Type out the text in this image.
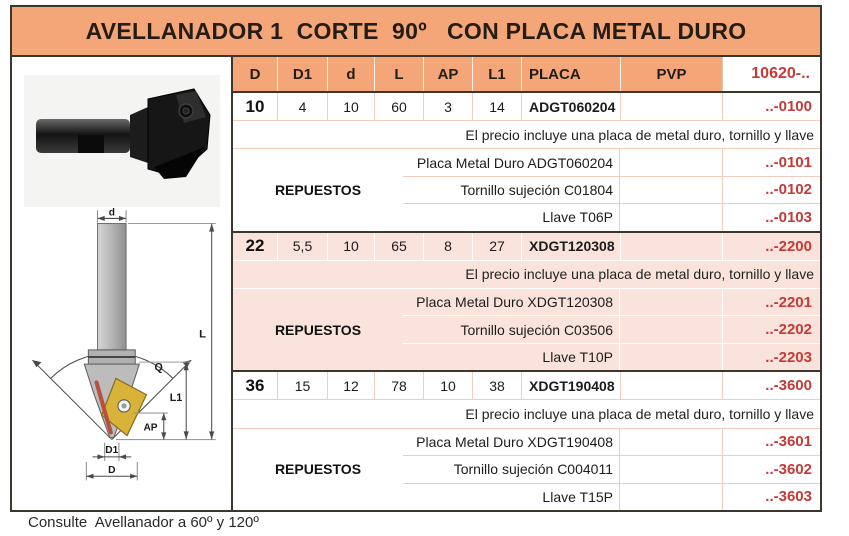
AVELLANADOR 1  CORTE  90º   CON PLACA METAL DURO
d
Q
L
L1
AP
D1
D
D	D1	d	L	AP	L1	PLACA	PVP	10620-..
10	4	10	60	3	14	ADGT060204	..-0100
El precio incluye una placa de metal duro, tornillo y llave
REPUESTOS
Placa Metal Duro ADGT060204	..-0101
Tornillo sujeción C01804	..-0102
Llave T06P	..-0103
22	5,5	10	65	8	27	XDGT120308	..-2200
El precio incluye una placa de metal duro, tornillo y llave
REPUESTOS
Placa Metal Duro XDGT120308	..-2201
Tornillo sujeción C03506	..-2202
Llave T10P	..-2203
36	15	12	78	10	38	XDGT190408	..-3600
El precio incluye una placa de metal duro, tornillo y llave
REPUESTOS
Placa Metal Duro XDGT190408	..-3601
Tornillo sujeción C004011	..-3602
Llave T15P	..-3603
Consulte  Avellanador a 60º y 120º
